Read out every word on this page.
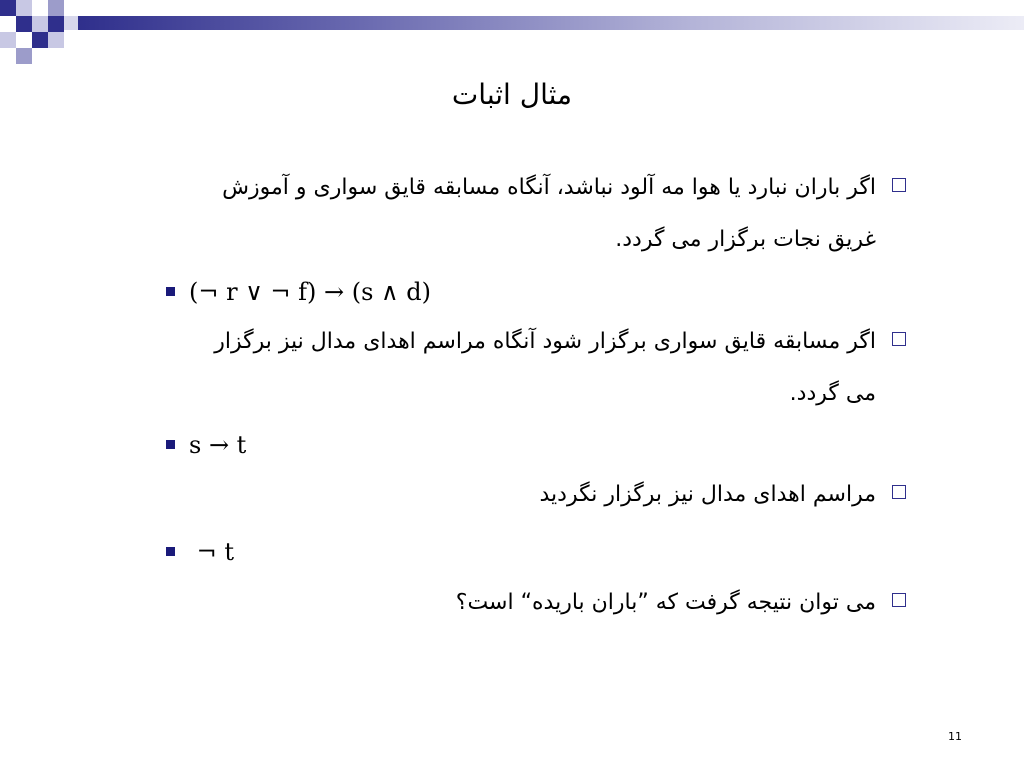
مثال اثبات
اگر باران نبارد یا هوا مه آلود نباشد، آنگاه مسابقه قایق سواری و آموزش
غریق نجات برگزار می گردد.
(¬ r ∨ ¬ f) → (s ∧ d)
اگر مسابقه قایق سواری برگزار شود آنگاه مراسم اهدای مدال نیز برگزار
می گردد.
s → t
مراسم اهدای مدال نیز برگزار نگردید
¬ t
می توان نتیجه گرفت که ”باران باریده“ است؟
11
